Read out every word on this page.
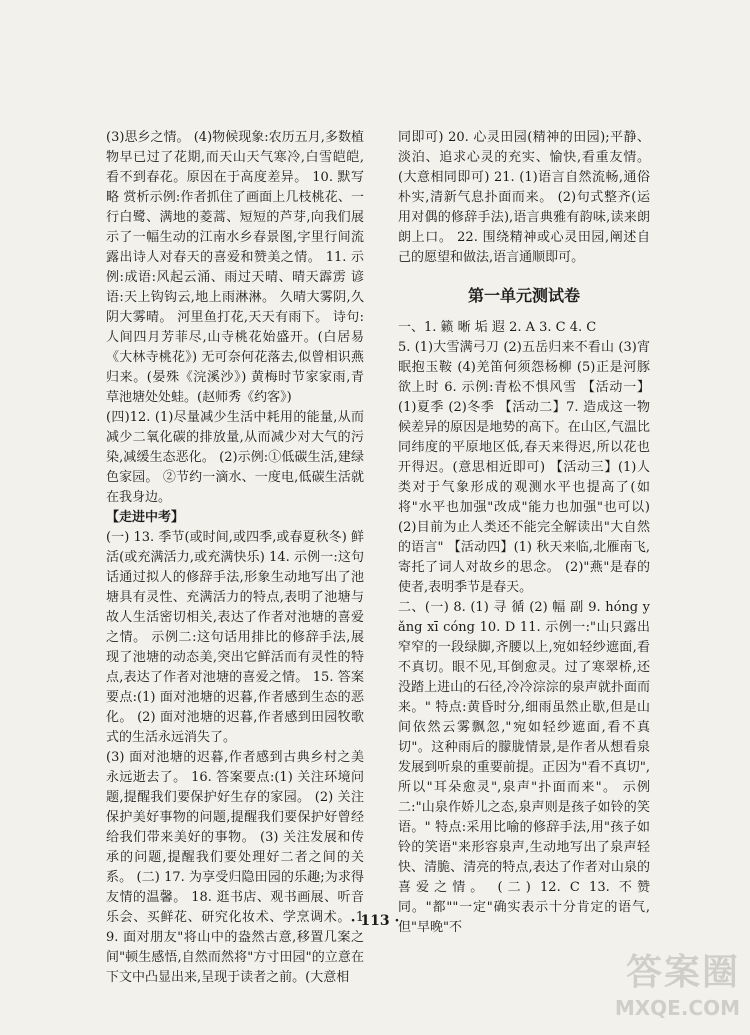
(3)思乡之情。 (4)物候现象:农历五月,多数植物早已过了花期,而天山天气寒冷,白雪皑皑,看不到春花。原因在于高度差异。 10. 默写略 赏析示例:作者抓住了画面上几枝桃花、一行白鹭、满地的菱蒿、短短的芦芽,向我们展示了一幅生动的江南水乡春景图,字里行间流露出诗人对春天的喜爱和赞美之情。 11. 示例:成语:风起云涌、雨过天晴、晴天霹雳 谚语:天上钩钩云,地上雨淋淋。 久晴大雾阴,久阴大雾晴。 河里鱼打花,天天有雨下。 诗句:人间四月芳菲尽,山寺桃花始盛开。(白居易《大林寺桃花》) 无可奈何花落去,似曾相识燕归来。(晏殊《浣溪沙》) 黄梅时节家家雨,青草池塘处处蛙。(赵师秀《约客》)

(四)12. (1)尽量减少生活中耗用的能量,从而减少二氧化碳的排放量,从而减少对大气的污染,减缓生态恶化。 (2)示例:①低碳生活,建绿色家园。 ②节约一滴水、一度电,低碳生活就在我身边。

【走进中考】

(一) 13. 季节(或时间,或四季,或春夏秋冬) 鲜活(或充满活力,或充满快乐) 14. 示例一:这句话通过拟人的修辞手法,形象生动地写出了池塘具有灵性、充满活力的特点,表明了池塘与故人生活密切相关,表达了作者对池塘的喜爱之情。 示例二:这句话用排比的修辞手法,展现了池塘的动态美,突出它鲜活而有灵性的特点,表达了作者对池塘的喜爱之情。 15. 答案要点:(1) 面对池塘的迟暮,作者感到生态的恶化。 (2) 面对池塘的迟暮,作者感到田园牧歌式的生活永远消失了。

(3) 面对池塘的迟暮,作者感到古典乡村之美永远逝去了。 16. 答案要点:(1) 关注环境问题,提醒我们要保护好生存的家园。 (2) 关注保护美好事物的问题,提醒我们要保护好曾经给我们带来美好的事物。 (3) 关注发展和传承的问题,提醒我们要处理好二者之间的关系。 (二) 17. 为享受归隐田园的乐趣;为求得友情的温馨。 18. 逛书店、观书画展、听音乐会、买鲜花、研究化妆术、学烹调术。 19. 面对朋友"将山中的盎然古意,移置几案之间"顿生感悟,自然而然将"方寸田园"的立意在下文中凸显出来,呈现于读者之前。(大意相

同即可) 20. 心灵田园(精神的田园);平静、淡泊、追求心灵的充实、愉快,看重友情。(大意相同即可) 21. (1)语言自然流畅,通俗朴实,清新气息扑面而来。 (2)句式整齐(运用对偶的修辞手法),语言典雅有韵味,读来朗朗上口。 22. 围绕精神或心灵田园,阐述自己的愿望和做法,语言通顺即可。

第一单元测试卷

一、1. 籁 晰 垢 遐 2. A 3. C 4. C

5. (1)大雪满弓刀 (2)五岳归来不看山 (3)宵眠抱玉鞍 (4)羌笛何须怨杨柳 (5)正是河豚欲上时 6. 示例:青松不惧风雪 【活动一】(1)夏季 (2)冬季 【活动二】7. 造成这一物候差异的原因是地势的高下。在山区,气温比同纬度的平原地区低,春天来得迟,所以花也开得迟。(意思相近即可) 【活动三】(1)人类对于气象形成的观测水平也提高了(如将"水平也加强"改成"能力也加强"也可以) (2)目前为止人类还不能完全解读出"大自然的语言" 【活动四】(1) 秋天来临,北雁南飞,寄托了词人对故乡的思念。 (2)"燕"是春的使者,表明季节是春天。

二、(一) 8. (1) 寻 循 (2) 幅 副 9. hóng yǎng xī cóng 10. D 11. 示例一:"山只露出窄窄的一段绿脚,齐腰以上,宛如轻纱遮面,看不真切。眼不见,耳倒愈灵。过了寒翠桥,还没踏上进山的石径,冷冷淙淙的泉声就扑面而来。" 特点:黄昏时分,细雨虽然止歇,但是山间依然云雾飘忽,"宛如轻纱遮面,看不真切"。这种雨后的朦胧情景,是作者从想看泉发展到听泉的重要前提。正因为"看不真切",所以"耳朵愈灵",泉声"扑面而来"。 示例二:"山泉作娇儿之态,泉声则是孩子如铃的笑语。" 特点:采用比喻的修辞手法,用"孩子如铃的笑语"来形容泉声,生动地写出了泉声轻快、清脆、清亮的特点,表达了作者对山泉的喜爱之情。 (二) 12. C 13. 不赞同。"都""一定"确实表示十分肯定的语气,但"早晚"不

· 113 ·
答案圈
MXQE.COM
